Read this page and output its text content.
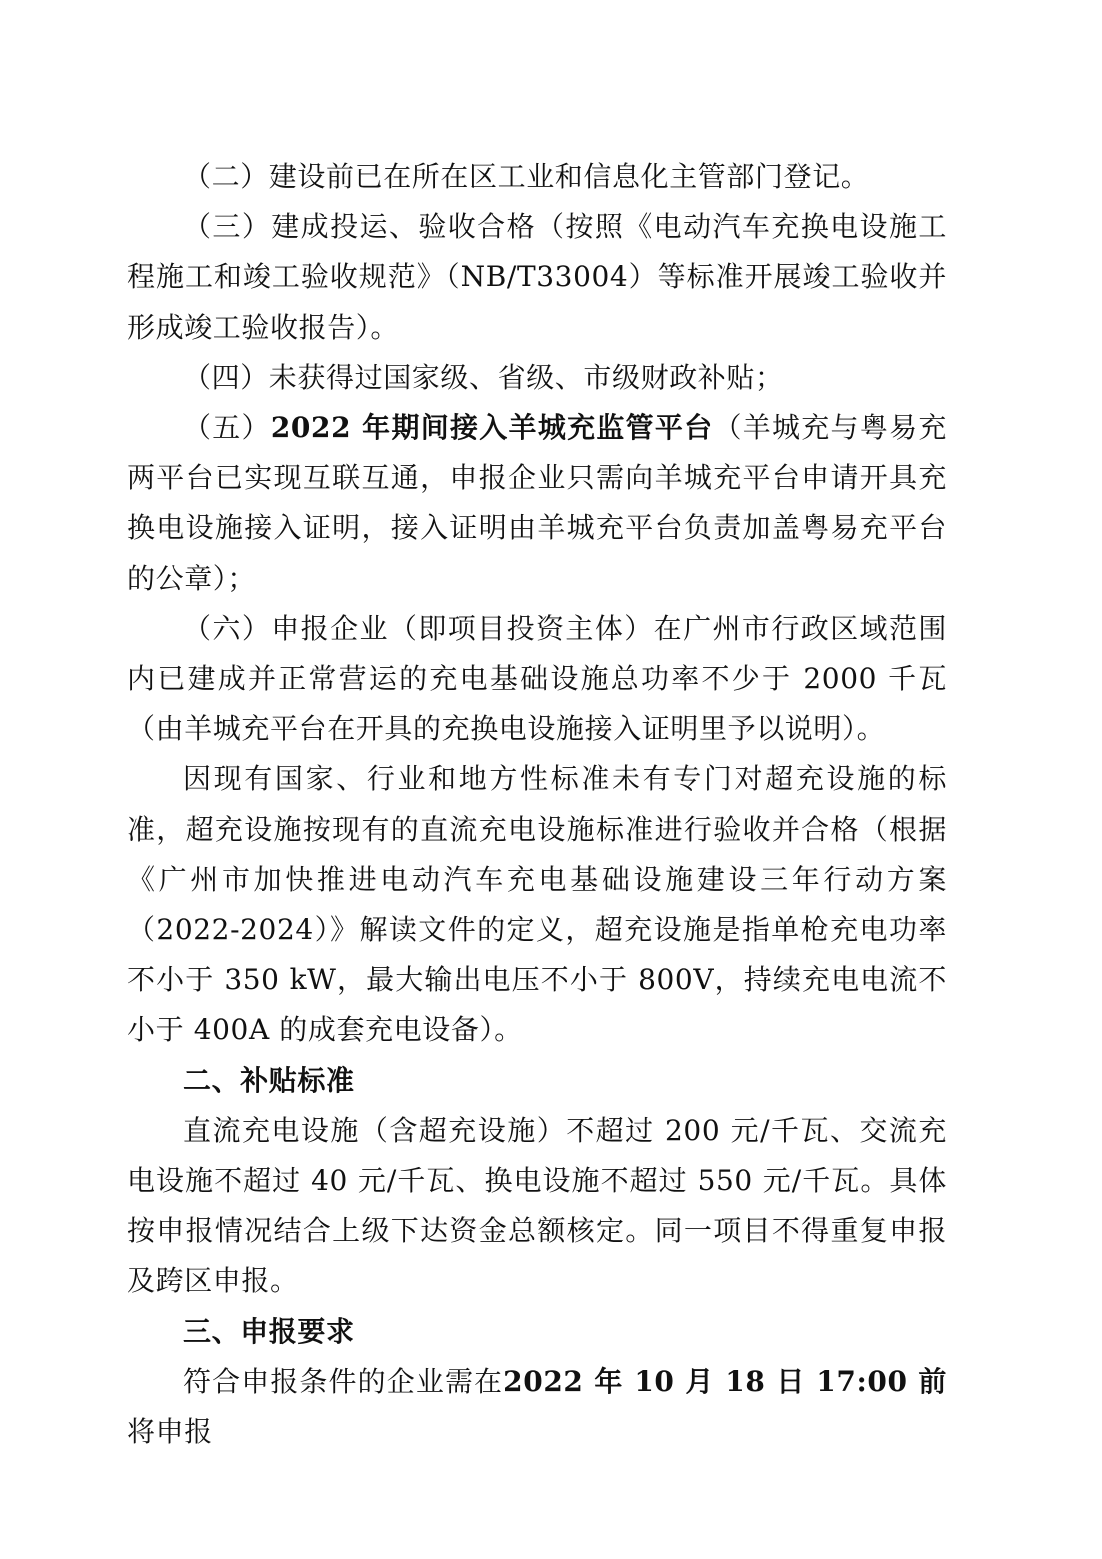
（二）建设前已在所在区工业和信息化主管部门登记。

（三）建成投运、验收合格（按照《电动汽车充换电设施工程施工和竣工验收规范》（NB/T33004）等标准开展竣工验收并形成竣工验收报告）。

（四）未获得过国家级、省级、市级财政补贴；

（五）2022 年期间接入羊城充监管平台（羊城充与粤易充两平台已实现互联互通，申报企业只需向羊城充平台申请开具充换电设施接入证明，接入证明由羊城充平台负责加盖粤易充平台的公章）；

（六）申报企业（即项目投资主体）在广州市行政区域范围内已建成并正常营运的充电基础设施总功率不少于 2000 千瓦（由羊城充平台在开具的充换电设施接入证明里予以说明）。

因现有国家、行业和地方性标准未有专门对超充设施的标准，超充设施按现有的直流充电设施标准进行验收并合格（根据《广州市加快推进电动汽车充电基础设施建设三年行动方案（2022-2024）》解读文件的定义，超充设施是指单枪充电功率不小于 350 kW，最大输出电压不小于 800V，持续充电电流不小于 400A 的成套充电设备）。

二、补贴标准

直流充电设施（含超充设施）不超过 200 元/千瓦、交流充电设施不超过 40 元/千瓦、换电设施不超过 550 元/千瓦。具体按申报情况结合上级下达资金总额核定。同一项目不得重复申报及跨区申报。

三、申报要求

符合申报条件的企业需在2022 年 10 月 18 日 17:00 前将申报
